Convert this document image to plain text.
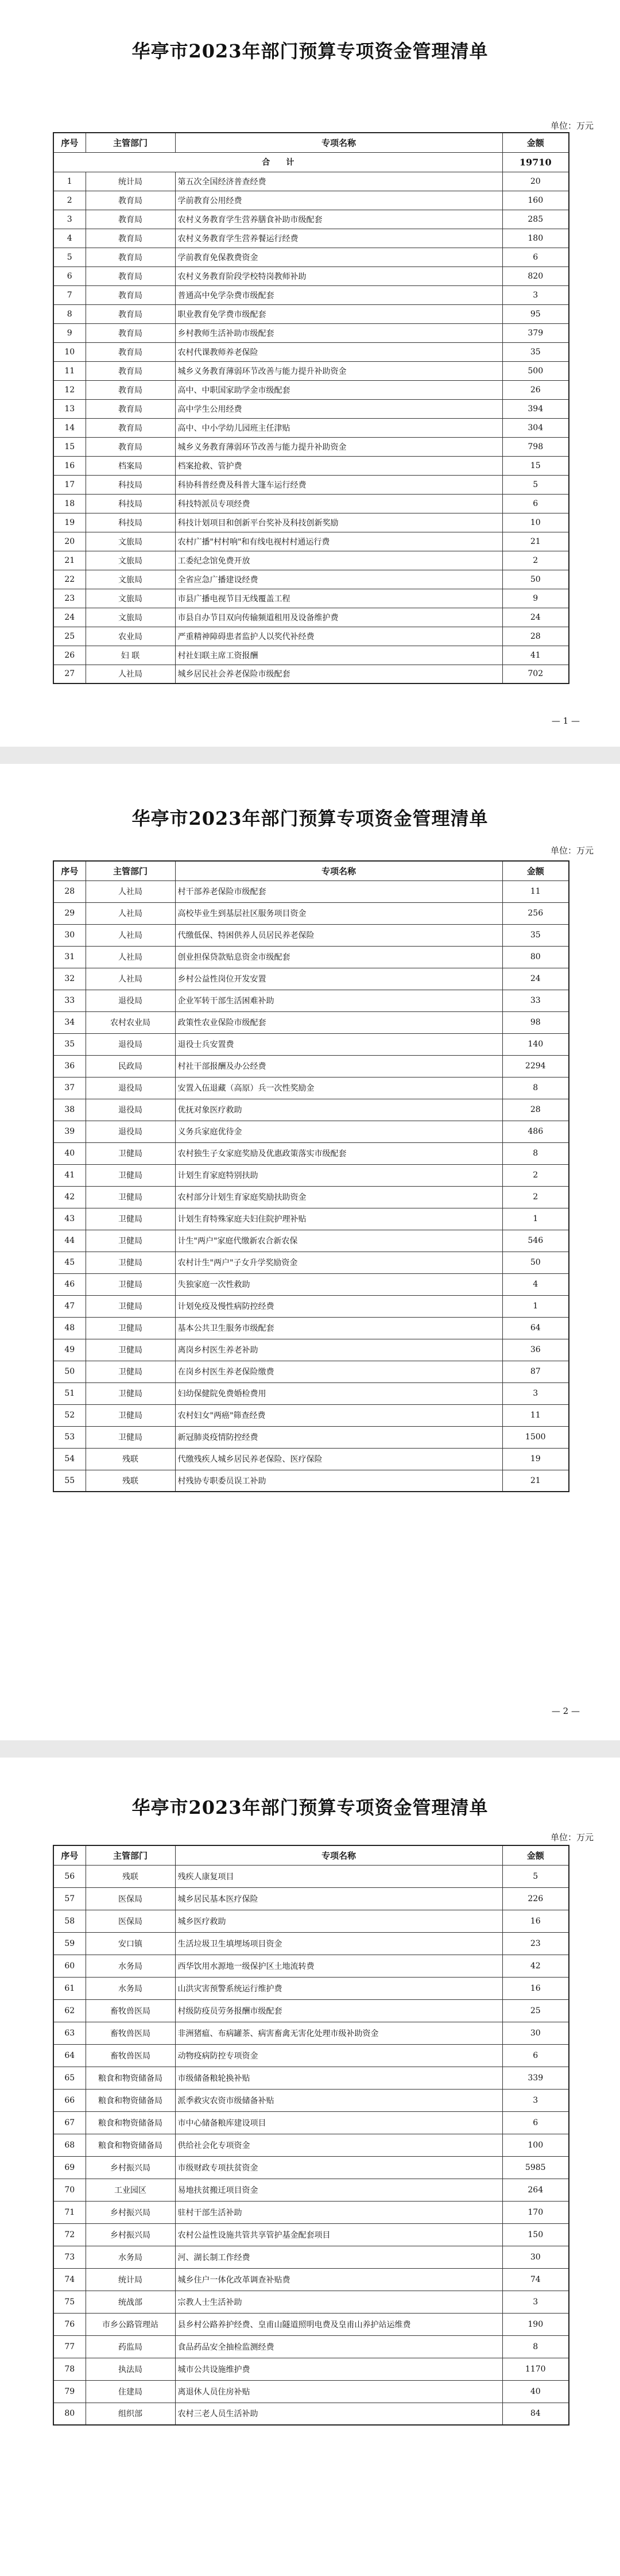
华亭市2023年部门预算专项资金管理清单
单位：万元
序号	主管部门	专项名称	金额
合　　计			19710
1	统计局	第五次全国经济普查经费	20
2	教育局	学前教育公用经费	160
3	教育局	农村义务教育学生营养膳食补助市级配套	285
4	教育局	农村义务教育学生营养餐运行经费	180
5	教育局	学前教育免保教费资金	6
6	教育局	农村义务教育阶段学校特岗教师补助	820
7	教育局	普通高中免学杂费市级配套	3
8	教育局	职业教育免学费市级配套	95
9	教育局	乡村教师生活补助市级配套	379
10	教育局	农村代课教师养老保险	35
11	教育局	城乡义务教育薄弱环节改善与能力提升补助资金	500
12	教育局	高中、中职国家助学金市级配套	26
13	教育局	高中学生公用经费	394
14	教育局	高中、中小学幼儿园班主任津贴	304
15	教育局	城乡义务教育薄弱环节改善与能力提升补助资金	798
16	档案局	档案抢救、管护费	15
17	科技局	科协科普经费及科普大篷车运行经费	5
18	科技局	科技特派员专项经费	6
19	科技局	科技计划项目和创新平台奖补及科技创新奖励	10
20	文旅局	农村广播"村村响"和有线电视村村通运行费	21
21	文旅局	工委纪念馆免费开放	2
22	文旅局	全省应急广播建设经费	50
23	文旅局	市县广播电视节目无线覆盖工程	9
24	文旅局	市县自办节目双向传输频道租用及设备维护费	24
25	农业局	严重精神障碍患者监护人以奖代补经费	28
26	妇 联	村社妇联主席工资报酬	41
27	人社局	城乡居民社会养老保险市级配套	702
— 1 —
华亭市2023年部门预算专项资金管理清单
单位：万元
序号	主管部门	专项名称	金额
28	人社局	村干部养老保险市级配套	11
29	人社局	高校毕业生到基层社区服务项目资金	256
30	人社局	代缴低保、特困供养人员居民养老保险	35
31	人社局	创业担保贷款贴息资金市级配套	80
32	人社局	乡村公益性岗位开发安置	24
33	退役局	企业军转干部生活困难补助	33
34	农村农业局	政策性农业保险市级配套	98
35	退役局	退役士兵安置费	140
36	民政局	村社干部报酬及办公经费	2294
37	退役局	安置入伍退藏（高原）兵一次性奖励金	8
38	退役局	优抚对象医疗救助	28
39	退役局	义务兵家庭优待金	486
40	卫健局	农村独生子女家庭奖励及优惠政策落实市级配套	8
41	卫健局	计划生育家庭特别扶助	2
42	卫健局	农村部分计划生育家庭奖励扶助资金	2
43	卫健局	计划生育特殊家庭夫妇住院护理补贴	1
44	卫健局	计生"两户"家庭代缴新农合新农保	546
45	卫健局	农村计生"两户"子女升学奖励资金	50
46	卫健局	失独家庭一次性救助	4
47	卫健局	计划免疫及慢性病防控经费	1
48	卫健局	基本公共卫生服务市级配套	64
49	卫健局	离岗乡村医生养老补助	36
50	卫健局	在岗乡村医生养老保险缴费	87
51	卫健局	妇幼保健院免费婚检费用	3
52	卫健局	农村妇女"两癌"筛查经费	11
53	卫健局	新冠肺炎疫情防控经费	1500
54	残联	代缴残疾人城乡居民养老保险、医疗保险	19
55	残联	村残协专职委员误工补助	21
— 2 —
华亭市2023年部门预算专项资金管理清单
单位：万元
序号	主管部门	专项名称	金额
56	残联	残疾人康复项目	5
57	医保局	城乡居民基本医疗保险	226
58	医保局	城乡医疗救助	16
59	安口镇	生活垃圾卫生填埋场项目资金	23
60	水务局	西华饮用水源地一级保护区土地流转费	42
61	水务局	山洪灾害预警系统运行维护费	16
62	畜牧兽医局	村级防疫员劳务报酬市级配套	25
63	畜牧兽医局	非洲猪瘟、布病罐茶、病害畜禽无害化处理市级补助资金	30
64	畜牧兽医局	动物疫病防控专项资金	6
65	粮食和物资储备局	市级储备粮轮换补贴	339
66	粮食和物资储备局	派季救灾农资市级储备补贴	3
67	粮食和物资储备局	市中心储备粮库建设项目	6
68	粮食和物资储备局	供给社会化专项资金	100
69	乡村振兴局	市级财政专项扶贫资金	5985
70	工业园区	易地扶贫搬迁项目资金	264
71	乡村振兴局	驻村干部生活补助	170
72	乡村振兴局	农村公益性设施共管共享管护基金配套项目	150
73	水务局	河、湖长制工作经费	30
74	统计局	城乡住户一体化改革调查补贴费	74
75	统战部	宗教人士生活补助	3
76	市乡公路管理站	县乡村公路养护经费、皇甫山隧道照明电费及皇甫山养护站运维费	190
77	药监局	食品药品安全抽检监测经费	8
78	执法局	城市公共设施维护费	1170
79	住建局	离退休人员住房补贴	40
80	组织部	农村三老人员生活补助	84
